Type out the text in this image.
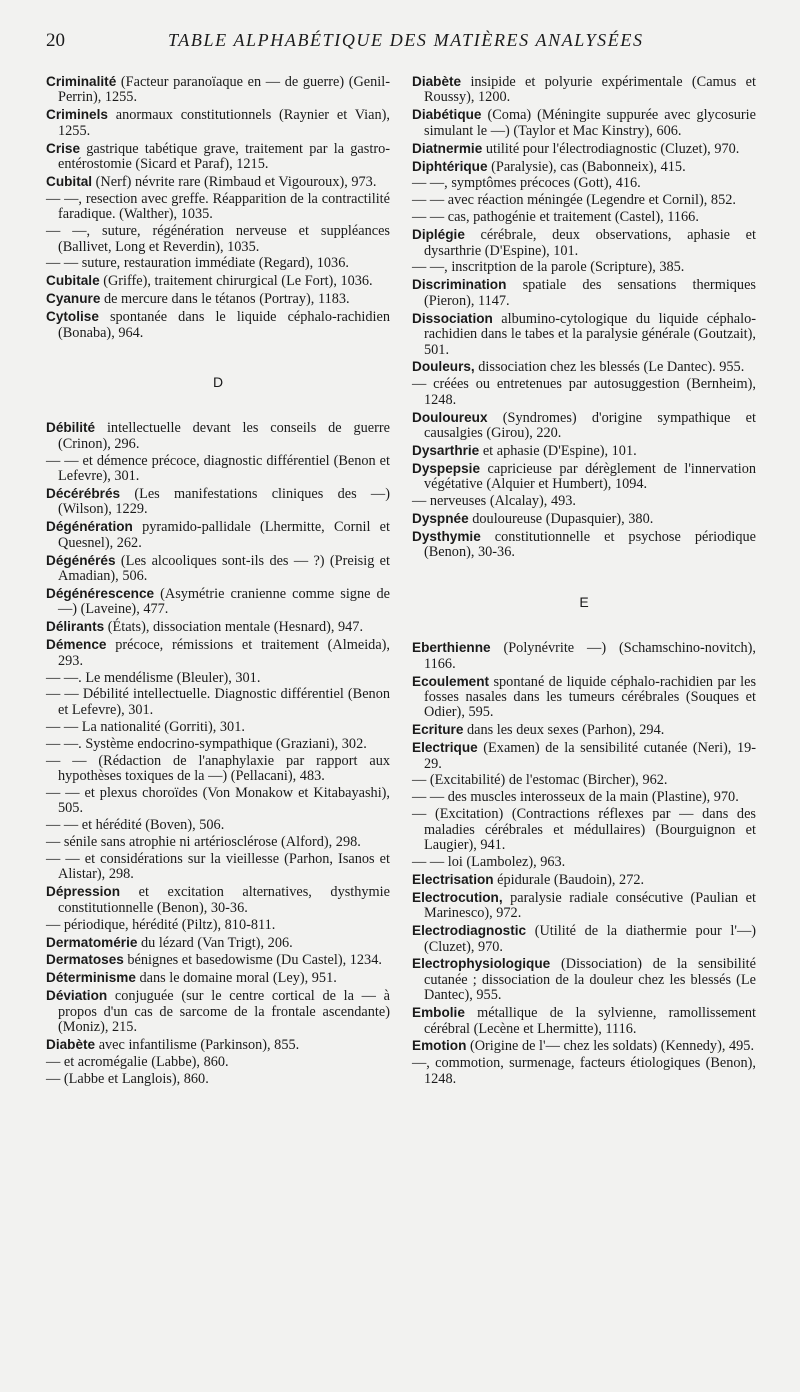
20	TABLE ALPHABÉTIQUE DES MATIÈRES ANALYSÉES

Criminalité (Facteur paranoïaque en — de guerre) (Genil-Perrin), 1255.

Criminels anormaux constitutionnels (Raynier et Vian), 1255.

Crise gastrique tabétique grave, traitement par la gastro-entérostomie (Sicard et Paraf), 1215.

Cubital (Nerf) névrite rare (Rimbaud et Vigouroux), 973.

— —, resection avec greffe. Réapparition de la contractilité faradique. (Walther), 1035.

— —, suture, régénération nerveuse et suppléances (Ballivet, Long et Reverdin), 1035.

— — suture, restauration immédiate (Regard), 1036.

Cubitale (Griffe), traitement chirurgical (Le Fort), 1036.

Cyanure de mercure dans le tétanos (Portray), 1183.

Cytolise spontanée dans le liquide céphalo-rachidien (Bonaba), 964.

D

Débilité intellectuelle devant les conseils de guerre (Crinon), 296.

— — et démence précoce, diagnostic différentiel (Benon et Lefevre), 301.

Décérébrés (Les manifestations cliniques des —) (Wilson), 1229.

Dégénération pyramido-pallidale (Lhermitte, Cornil et Quesnel), 262.

Dégénérés (Les alcooliques sont-ils des — ?) (Preisig et Amadian), 506.

Dégénérescence (Asymétrie cranienne comme signe de —) (Laveine), 477.

Délirants (États), dissociation mentale (Hesnard), 947.

Démence précoce, rémissions et traitement (Almeida), 293.

— —. Le mendélisme (Bleuler), 301.

— — Débilité intellectuelle. Diagnostic différentiel (Benon et Lefevre), 301.

— — La nationalité (Gorriti), 301.

— —. Système endocrino-sympathique (Graziani), 302.

— — (Rédaction de l'anaphylaxie par rapport aux hypothèses toxiques de la —) (Pellacani), 483.

— — et plexus choroïdes (Von Monakow et Kitabayashi), 505.

— — et hérédité (Boven), 506.

— sénile sans atrophie ni artériosclérose (Alford), 298.

— — et considérations sur la vieillesse (Parhon, Isanos et Alistar), 298.

Dépression et excitation alternatives, dysthymie constitutionnelle (Benon), 30-36.

— périodique, hérédité (Piltz), 810-811.

Dermatomérie du lézard (Van Trigt), 206.

Dermatoses bénignes et basedowisme (Du Castel), 1234.

Déterminisme dans le domaine moral (Ley), 951.

Déviation conjuguée (sur le centre cortical de la — à propos d'un cas de sarcome de la frontale ascendante) (Moniz), 215.

Diabète avec infantilisme (Parkinson), 855.

— et acromégalie (Labbe), 860.

— (Labbe et Langlois), 860.

Diabète insipide et polyurie expérimentale (Camus et Roussy), 1200.

Diabétique (Coma) (Méningite suppurée avec glycosurie simulant le —) (Taylor et Mac Kinstry), 606.

Diatnermie utilité pour l'électrodiagnostic (Cluzet), 970.

Diphtérique (Paralysie), cas (Babonneix), 415.

— —, symptômes précoces (Gott), 416.

— — avec réaction méningée (Legendre et Cornil), 852.

— — cas, pathogénie et traitement (Castel), 1166.

Diplégie cérébrale, deux observations, aphasie et dysarthrie (D'Espine), 101.

— —, inscritption de la parole (Scripture), 385.

Discrimination spatiale des sensations thermiques (Pieron), 1147.

Dissociation albumino-cytologique du liquide céphalo-rachidien dans le tabes et la paralysie générale (Goutzait), 501.

Douleurs, dissociation chez les blessés (Le Dantec). 955.

— créées ou entretenues par autosuggestion (Bernheim), 1248.

Douloureux (Syndromes) d'origine sympathique et causalgies (Girou), 220.

Dysarthrie et aphasie (D'Espine), 101.

Dyspepsie capricieuse par dérèglement de l'innervation végétative (Alquier et Humbert), 1094.

— nerveuses (Alcalay), 493.

Dyspnée douloureuse (Dupasquier), 380.

Dysthymie constitutionnelle et psychose périodique (Benon), 30-36.

E

Eberthienne (Polynévrite —) (Schamschino-novitch), 1166.

Ecoulement spontané de liquide céphalo-rachidien par les fosses nasales dans les tumeurs cérébrales (Souques et Odier), 595.

Ecriture dans les deux sexes (Parhon), 294.

Electrique (Examen) de la sensibilité cutanée (Neri), 19-29.

— (Excitabilité) de l'estomac (Bircher), 962.

— — des muscles interosseux de la main (Plastine), 970.

— (Excitation) (Contractions réflexes par — dans des maladies cérébrales et médullaires) (Bourguignon et Laugier), 941.

— — loi (Lambolez), 963.

Electrisation épidurale (Baudoin), 272.

Electrocution, paralysie radiale consécutive (Paulian et Marinesco), 972.

Electrodiagnostic (Utilité de la diathermie pour l'—) (Cluzet), 970.

Electrophysiologique (Dissociation) de la sensibilité cutanée ; dissociation de la douleur chez les blessés (Le Dantec), 955.

Embolie métallique de la sylvienne, ramollissement cérébral (Lecène et Lhermitte), 1116.

Emotion (Origine de l'— chez les soldats) (Kennedy), 495.

—, commotion, surmenage, facteurs étiologiques (Benon), 1248.
